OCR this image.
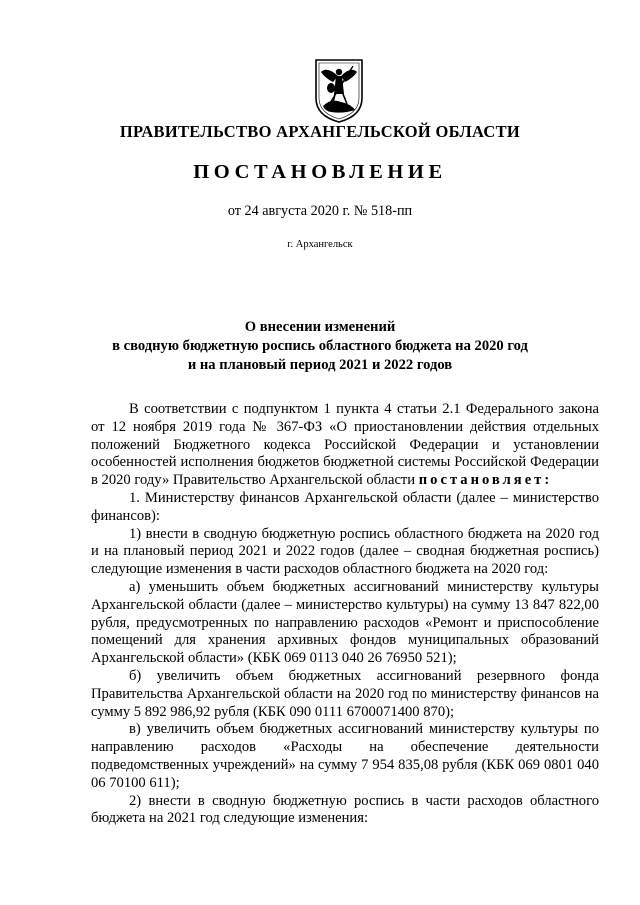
ПРАВИТЕЛЬСТВО АРХАНГЕЛЬСКОЙ ОБЛАСТИ
ПОСТАНОВЛЕНИЕ
от 24 августа 2020 г. № 518-пп
г. Архангельск
О внесении изменений
в сводную бюджетную роспись областного бюджета на 2020 год
и на плановый период 2021 и 2022 годов

В соответствии с подпунктом 1 пункта 4 статьи 2.1 Федерального закона от 12 ноября 2019 года № 367-ФЗ «О приостановлении действия отдельных положений Бюджетного кодекса Российской Федерации и установлении особенностей исполнения бюджетов бюджетной системы Российской Федерации в 2020 году» Правительство Архангельской области постановляет:

1. Министерству финансов Архангельской области (далее – министерство финансов):

1) внести в сводную бюджетную роспись областного бюджета на 2020 год и на плановый период 2021 и 2022 годов (далее – сводная бюджетная роспись) следующие изменения в части расходов областного бюджета на 2020 год:

а) уменьшить объем бюджетных ассигнований министерству культуры Архангельской области (далее – министерство культуры) на сумму 13 847 822,00 рубля, предусмотренных по направлению расходов «Ремонт и приспособление помещений для хранения архивных фондов муниципальных образований Архангельской области» (КБК 069 0113 040 26 76950 521);

б) увеличить объем бюджетных ассигнований резервного фонда Правительства Архангельской области на 2020 год по министерству финансов на сумму 5 892 986,92 рубля (КБК 090 0111 6700071400 870);

в) увеличить объем бюджетных ассигнований министерству культуры по направлению расходов «Расходы на обеспечение деятельности подведомственных учреждений» на сумму 7 954 835,08 рубля (КБК 069 0801 040 06 70100 611);

2) внести в сводную бюджетную роспись в части расходов областного бюджета на 2021 год следующие изменения:
